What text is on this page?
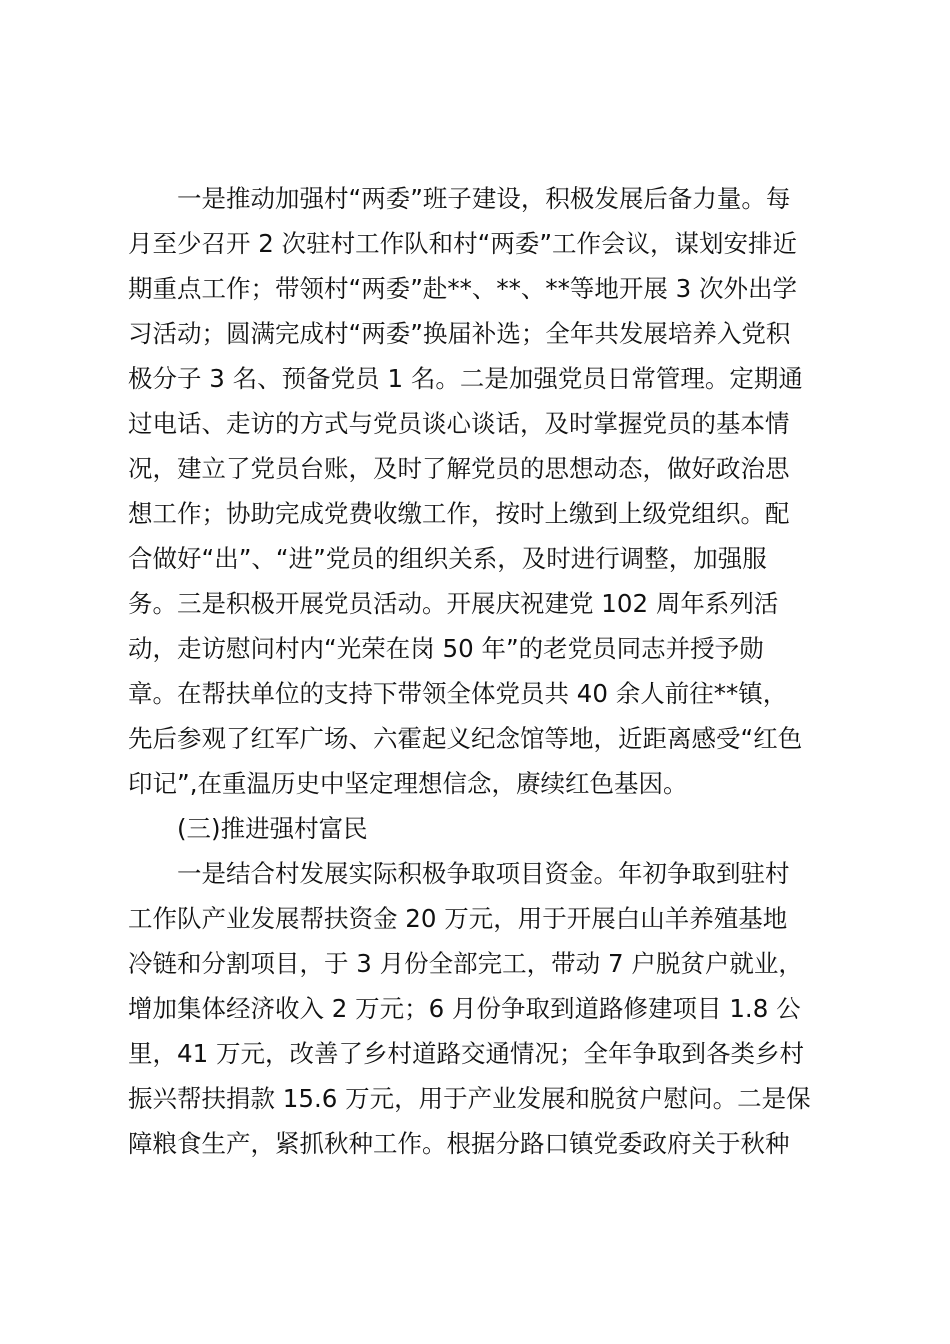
　　一是推动加强村“两委”班子建设，积极发展后备力量。每
月至少召开 2 次驻村工作队和村“两委”工作会议，谋划安排近
期重点工作；带领村“两委”赴**、**、**等地开展 3 次外出学
习活动；圆满完成村“两委”换届补选；全年共发展培养入党积
极分子 3 名、预备党员 1 名。二是加强党员日常管理。定期通
过电话、走访的方式与党员谈心谈话，及时掌握党员的基本情
况，建立了党员台账，及时了解党员的思想动态，做好政治思
想工作；协助完成党费收缴工作，按时上缴到上级党组织。配
合做好“出”、“进”党员的组织关系，及时进行调整，加强服
务。三是积极开展党员活动。开展庆祝建党 102 周年系列活
动，走访慰问村内“光荣在岗 50 年”的老党员同志并授予勋
章。在帮扶单位的支持下带领全体党员共 40 余人前往**镇，
先后参观了红军广场、六霍起义纪念馆等地，近距离感受“红色
印记”,在重温历史中坚定理想信念，赓续红色基因。
　　(三)推进强村富民
　　一是结合村发展实际积极争取项目资金。年初争取到驻村
工作队产业发展帮扶资金 20 万元，用于开展白山羊养殖基地
冷链和分割项目，于 3 月份全部完工，带动 7 户脱贫户就业，
增加集体经济收入 2 万元；6 月份争取到道路修建项目 1.8 公
里，41 万元，改善了乡村道路交通情况；全年争取到各类乡村
振兴帮扶捐款 15.6 万元，用于产业发展和脱贫户慰问。二是保
障粮食生产，紧抓秋种工作。根据分路口镇党委政府关于秋种
